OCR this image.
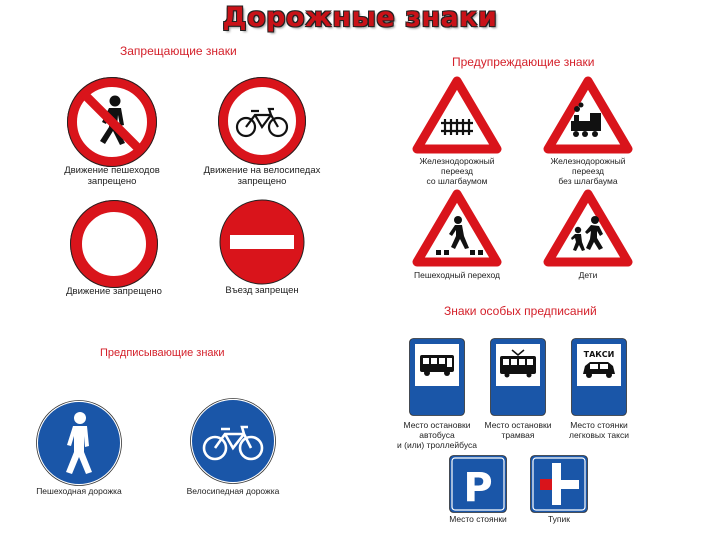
Дорожные знаки
Запрещающие знаки
Предупреждающие знаки
Предписывающие знаки
Знаки особых предписаний
Движение пешеходов
запрещено
Движение на велосипедах
запрещено
Движение запрещено	Въезд запрещен
Железнодорожный
переезд
со шлагбаумом
Железнодорожный
переезд
без шлагбаума
Пешеходный переход	Дети
Пешеходная дорожка	Велосипедная дорожка
Место остановки
автобуса
и (или) троллейбуса
Место остановки
трамвая
ТАКСИ
Место стоянки
легковых такси
P
Место стоянки	Тупик
